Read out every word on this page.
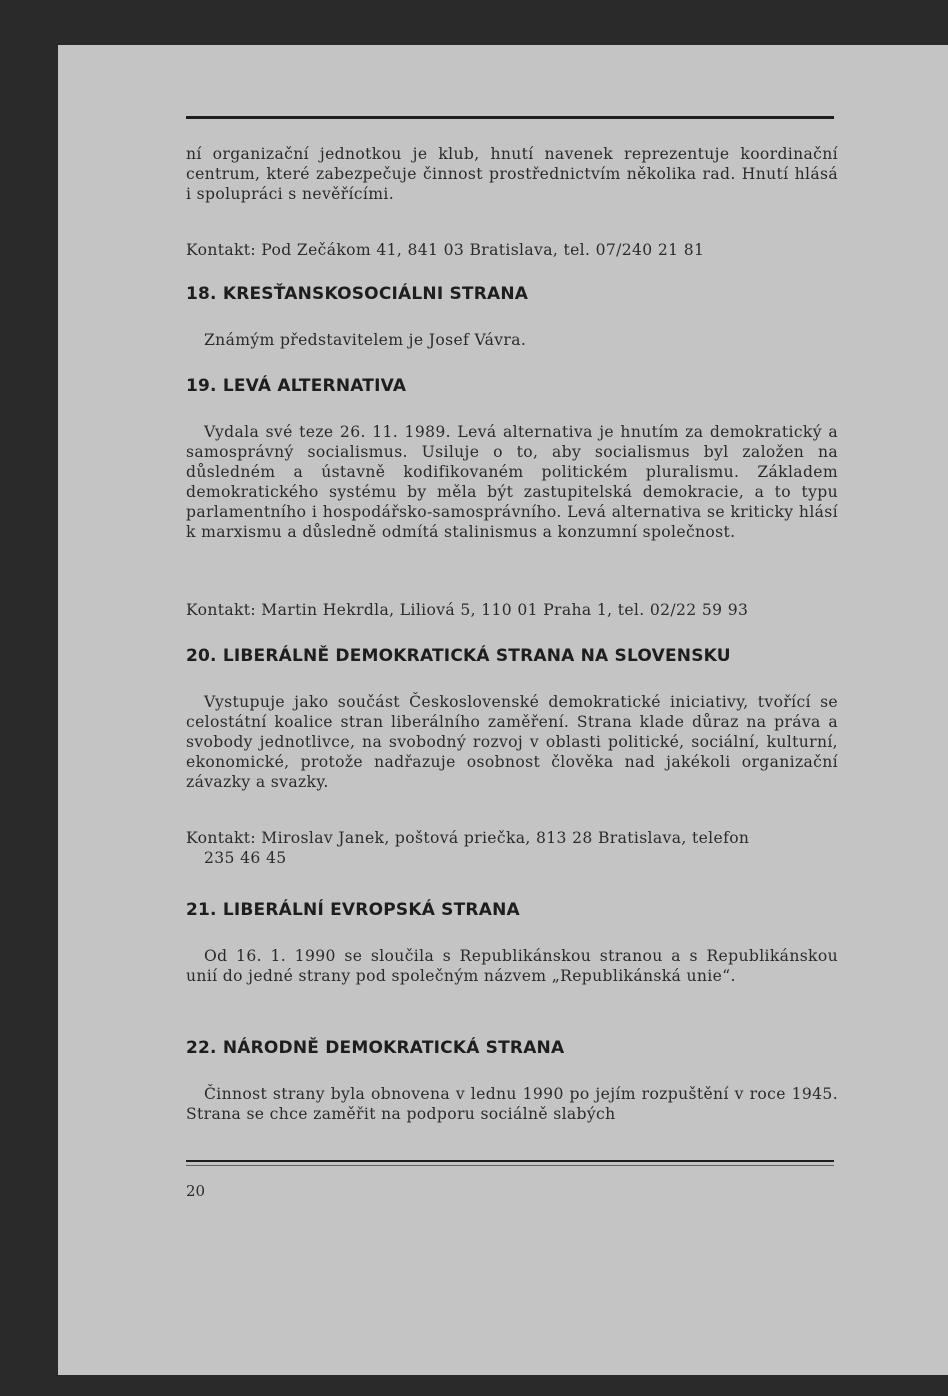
ní organizační jednotkou je klub, hnutí navenek reprezentuje koordinační centrum, které zabezpečuje činnost prostřednictvím několika rad. Hnutí hlásá i spolupráci s nevěřícími.

Kontakt: Pod Zečákom 41, 841 03 Bratislava, tel. 07/240 21 81

18. KRESŤANSKOSOCIÁLNI STRANA

Známým představitelem je Josef Vávra.

19. LEVÁ ALTERNATIVA

Vydala své teze 26. 11. 1989. Levá alternativa je hnutím za demokratický a samosprávný socialismus. Usiluje o to, aby socialismus byl založen na důsledném a ústavně kodifikovaném politickém pluralismu. Základem demokratického systému by měla být zastupitelská demokracie, a to typu parlamentního i hospodářsko-samosprávního. Levá alternativa se kriticky hlásí k marxismu a důsledně odmítá stalinismus a konzumní společnost.

Kontakt: Martin Hekrdla, Liliová 5, 110 01 Praha 1, tel. 02/22 59 93

20. LIBERÁLNĚ DEMOKRATICKÁ STRANA NA SLOVENSKU

Vystupuje jako součást Československé demokratické iniciativy, tvořící se celostátní koalice stran liberálního zaměření. Strana klade důraz na práva a svobody jednotlivce, na svobodný rozvoj v oblasti politické, sociální, kulturní, ekonomické, protože nadřazuje osobnost člověka nad jakékoli organizační závazky a svazky.

Kontakt: Miroslav Janek, poštová priečka, 813 28 Bratislava, telefon

235 46 45

21. LIBERÁLNÍ EVROPSKÁ STRANA

Od 16. 1. 1990 se sloučila s Republikánskou stranou a s Republikánskou unií do jedné strany pod společným názvem „Republikánská unie“.

22. NÁRODNĚ DEMOKRATICKÁ STRANA

Činnost strany byla obnovena v lednu 1990 po jejím rozpuštění v roce 1945. Strana se chce zaměřit na podporu sociálně slabých

20
